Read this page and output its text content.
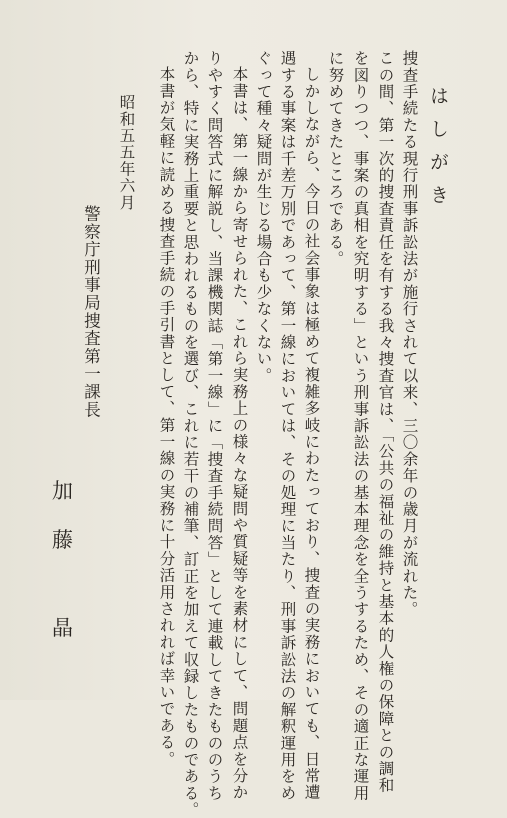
はしがき
捜査手続たる現行刑事訴訟法が施行されて以来、三〇余年の歳月が流れた。
この間、第一次的捜査責任を有する我々捜査官は、「公共の福祉の維持と基本的人権の保障との調和
を図りつつ、事案の真相を究明する」という刑事訴訟法の基本理念を全うするため、その適正な運用
に努めてきたところである。
しかしながら、今日の社会事象は極めて複雑多岐にわたっており、捜査の実務においても、日常遭
遇する事案は千差万別であって、第一線においては、その処理に当たり、刑事訴訟法の解釈運用をめ
ぐって種々疑問が生じる場合も少なくない。
本書は、第一線から寄せられた、これら実務上の様々な疑問や質疑等を素材にして、問題点を分か
りやすく問答式に解説し、当課機関誌「第一線」に「捜査手続問答」として連載してきたもののうち
から、特に実務上重要と思われるものを選び、これに若干の補筆、訂正を加えて収録したものである。
本書が気軽に読める捜査手続の手引書として、第一線の実務に十分活用されれば幸いである。
昭和五五年六月
警察庁刑事局捜査第一課長
加
藤
晶
